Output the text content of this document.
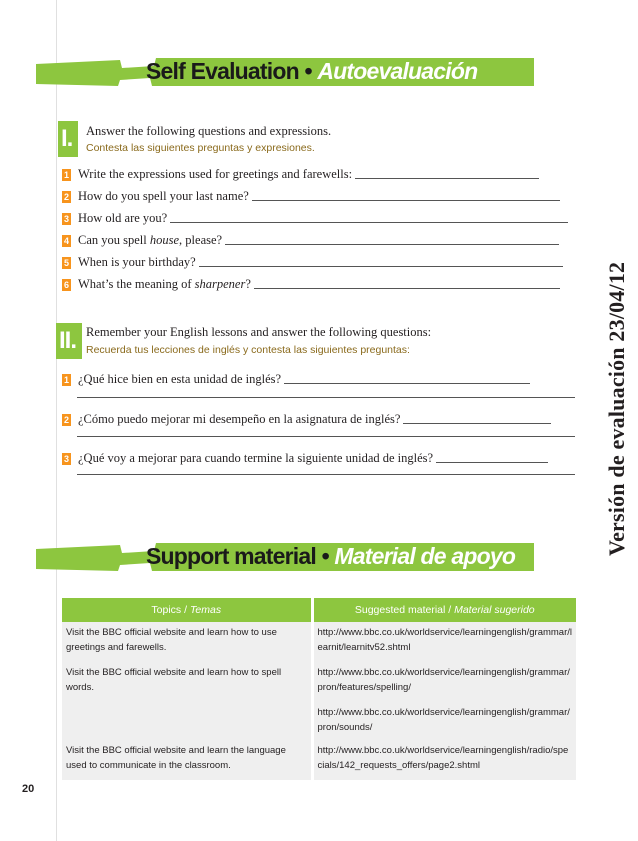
Self Evaluation • Autoevaluación
I.	Answer the following questions and expressions.
Contesta las siguientes preguntas y expresiones.
1 Write the expressions used for greetings and farewells:
2 How do you spell your last name?
3 How old are you?
4 Can you spell house, please?
5 When is your birthday?
6 What’s the meaning of sharpener?
II. Remember your English lessons and answer the following questions:
Recuerda tus lecciones de inglés y contesta las siguientes preguntas:
1 ¿Qué hice bien en esta unidad de inglés?
2 ¿Cómo puedo mejorar mi desempeño en la asignatura de inglés?
3 ¿Qué voy a mejorar para cuando termine la siguiente unidad de inglés?	Versión de evaluación 23/04/12
Support material • Material de apoyo
Topics / Temas	Suggested material / Material sugerido
Visit the BBC official website and learn how to use greetings and farewells.	http://www.bbc.co.uk/worldservice/learningenglish/grammar/learnit/learnitv52.shtml
Visit the BBC official website and learn how to spell words.	http://www.bbc.co.uk/worldservice/learningenglish/grammar/pron/features/spelling/
	http://www.bbc.co.uk/worldservice/learningenglish/grammar/pron/sounds/
Visit the BBC official website and learn the language used to communicate in the classroom.	http://www.bbc.co.uk/worldservice/learningenglish/radio/specials/142_requests_offers/page2.shtml
20
